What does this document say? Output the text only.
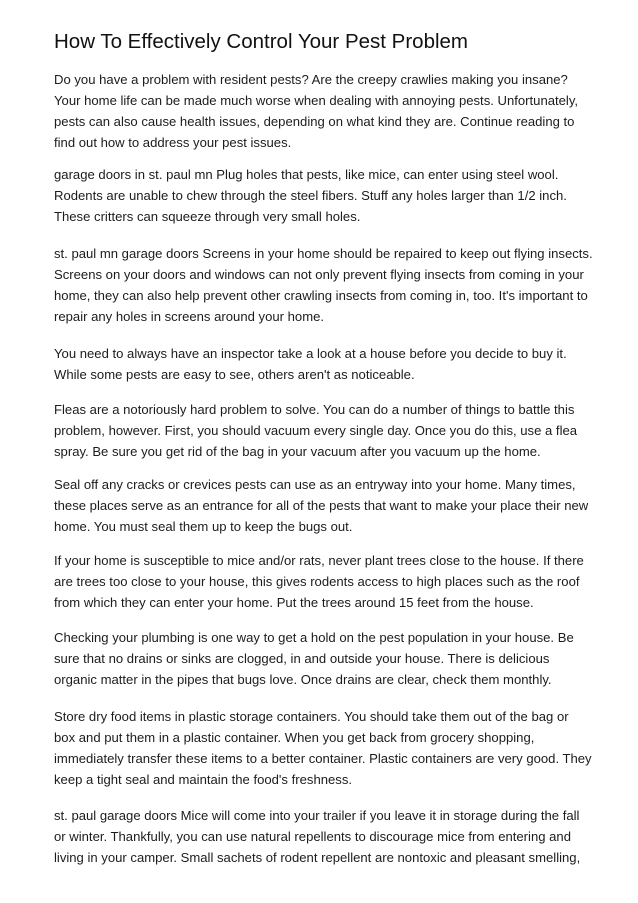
How To Effectively Control Your Pest Problem

Do you have a problem with resident pests? Are the creepy crawlies making you insane?
Your home life can be made much worse when dealing with annoying pests. Unfortunately,
pests can also cause health issues, depending on what kind they are. Continue reading to
find out how to address your pest issues.

garage doors in st. paul mn Plug holes that pests, like mice, can enter using steel wool.
Rodents are unable to chew through the steel fibers. Stuff any holes larger than 1/2 inch.
These critters can squeeze through very small holes.

st. paul mn garage doors Screens in your home should be repaired to keep out flying insects.
Screens on your doors and windows can not only prevent flying insects from coming in your
home, they can also help prevent other crawling insects from coming in, too. It's important to
repair any holes in screens around your home.

You need to always have an inspector take a look at a house before you decide to buy it.
While some pests are easy to see, others aren't as noticeable.

Fleas are a notoriously hard problem to solve. You can do a number of things to battle this
problem, however. First, you should vacuum every single day. Once you do this, use a flea
spray. Be sure you get rid of the bag in your vacuum after you vacuum up the home.

Seal off any cracks or crevices pests can use as an entryway into your home. Many times,
these places serve as an entrance for all of the pests that want to make your place their new
home. You must seal them up to keep the bugs out.

If your home is susceptible to mice and/or rats, never plant trees close to the house. If there
are trees too close to your house, this gives rodents access to high places such as the roof
from which they can enter your home. Put the trees around 15 feet from the house.

Checking your plumbing is one way to get a hold on the pest population in your house. Be
sure that no drains or sinks are clogged, in and outside your house. There is delicious
organic matter in the pipes that bugs love. Once drains are clear, check them monthly.

Store dry food items in plastic storage containers. You should take them out of the bag or
box and put them in a plastic container. When you get back from grocery shopping,
immediately transfer these items to a better container. Plastic containers are very good. They
keep a tight seal and maintain the food's freshness.

st. paul garage doors Mice will come into your trailer if you leave it in storage during the fall
or winter. Thankfully, you can use natural repellents to discourage mice from entering and
living in your camper. Small sachets of rodent repellent are nontoxic and pleasant smelling,
